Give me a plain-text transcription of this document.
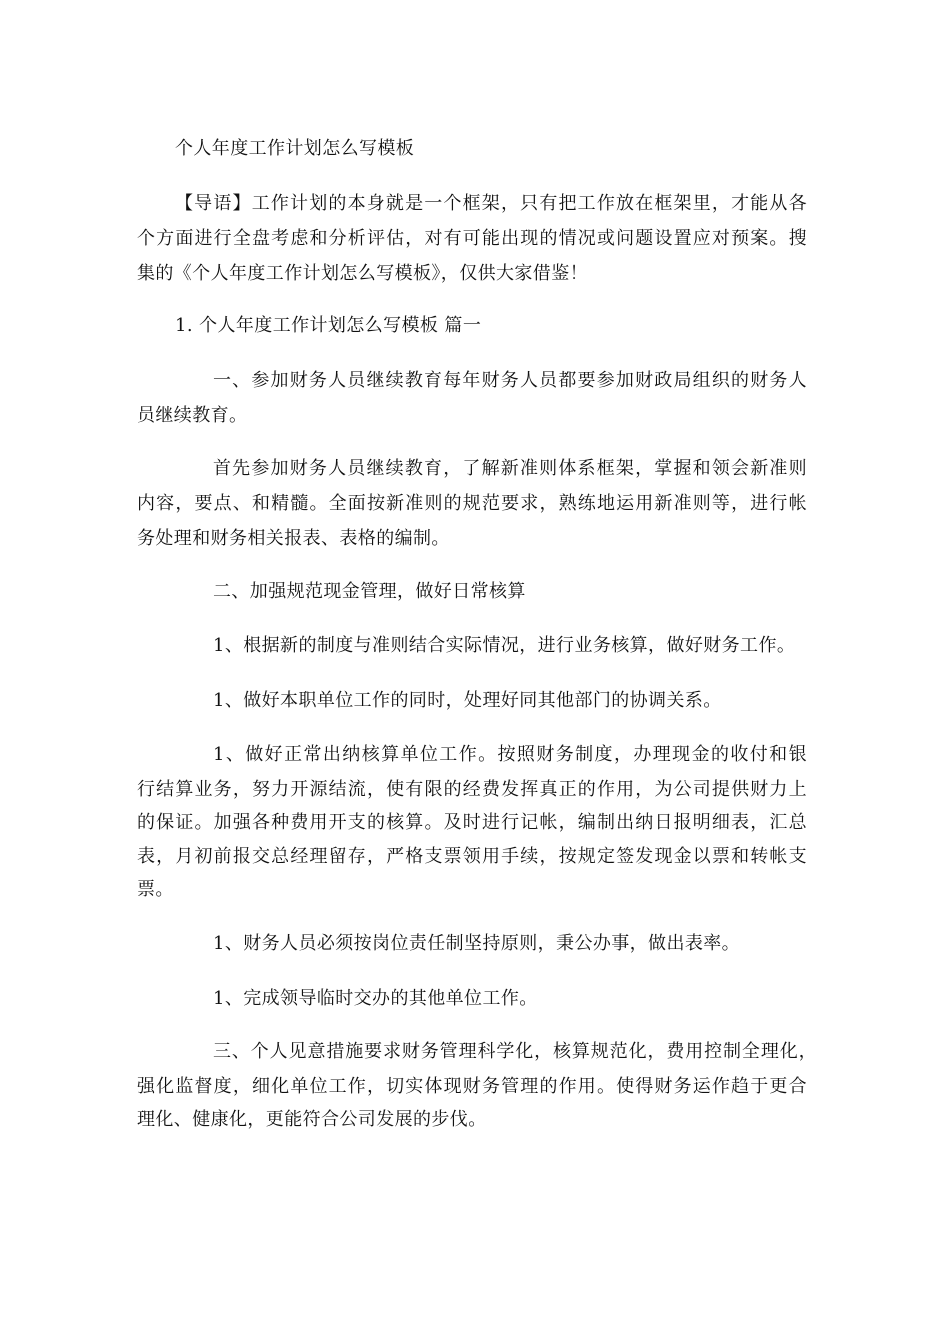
个人年度工作计划怎么写模板

【导语】工作计划的本身就是一个框架，只有把工作放在框架里，才能从各

个方面进行全盘考虑和分析评估，对有可能出现的情况或问题设置应对预案。搜

集的《个人年度工作计划怎么写模板》，仅供大家借鉴！

1. 个人年度工作计划怎么写模板 篇一

一、参加财务人员继续教育每年财务人员都要参加财政局组织的财务人

员继续教育。

首先参加财务人员继续教育，了解新准则体系框架，掌握和领会新准则

内容，要点、和精髓。全面按新准则的规范要求，熟练地运用新准则等，进行帐

务处理和财务相关报表、表格的编制。

二、加强规范现金管理，做好日常核算

1、根据新的制度与准则结合实际情况，进行业务核算，做好财务工作。

1、做好本职单位工作的同时，处理好同其他部门的协调关系。

1、做好正常出纳核算单位工作。按照财务制度，办理现金的收付和银

行结算业务，努力开源结流，使有限的经费发挥真正的作用，为公司提供财力上

的保证。加强各种费用开支的核算。及时进行记帐，编制出纳日报明细表，汇总

表，月初前报交总经理留存，严格支票领用手续，按规定签发现金以票和转帐支

票。

1、财务人员必须按岗位责任制坚持原则，秉公办事，做出表率。

1、完成领导临时交办的其他单位工作。

三、个人见意措施要求财务管理科学化，核算规范化，费用控制全理化，

强化监督度，细化单位工作，切实体现财务管理的作用。使得财务运作趋于更合

理化、健康化，更能符合公司发展的步伐。
